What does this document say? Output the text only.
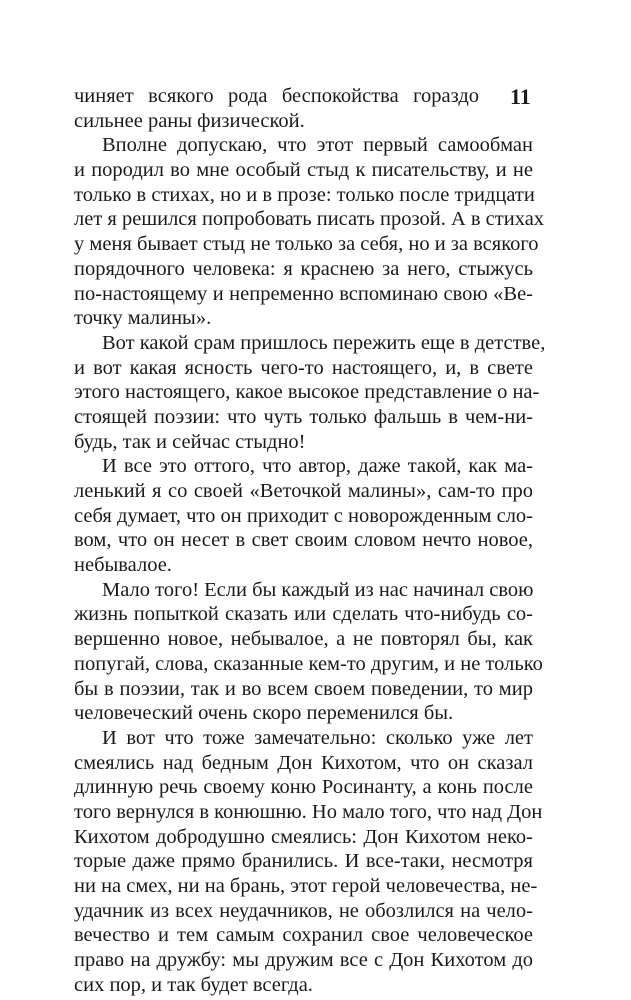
11
чиняет всякого рода беспокойства гораздо
сильнее раны физической.
Вполне допускаю, что этот первый самообман
и породил во мне особый стыд к писательству, и не
только в стихах, но и в прозе: только после тридцати
лет я решился попробовать писать прозой. А в стихах
у меня бывает стыд не только за себя, но и за всякого
порядочного человека: я краснею за него, стыжусь
по-настоящему и непременно вспоминаю свою «Ве-
точку малины».
Вот какой срам пришлось пережить еще в детстве,
и вот какая ясность чего-то настоящего, и, в свете
этого настоящего, какое высокое представление о на-
стоящей поэзии: что чуть только фальшь в чем-ни-
будь, так и сейчас стыдно!
И все это оттого, что автор, даже такой, как ма-
ленький я со своей «Веточкой малины», сам-то про
себя думает, что он приходит с новорожденным сло-
вом, что он несет в свет своим словом нечто новое,
небывалое.
Мало того! Если бы каждый из нас начинал свою
жизнь попыткой сказать или сделать что-нибудь со-
вершенно новое, небывалое, а не повторял бы, как
попугай, слова, сказанные кем-то другим, и не только
бы в поэзии, так и во всем своем поведении, то мир
человеческий очень скоро переменился бы.
И вот что тоже замечательно: сколько уже лет
смеялись над бедным Дон Кихотом, что он сказал
длинную речь своему коню Росинанту, а конь после
того вернулся в конюшню. Но мало того, что над Дон
Кихотом добродушно смеялись: Дон Кихотом неко-
торые даже прямо бранились. И все-таки, несмотря
ни на смех, ни на брань, этот герой человечества, не-
удачник из всех неудачников, не обозлился на чело-
вечество и тем самым сохранил свое человеческое
право на дружбу: мы дружим все с Дон Кихотом до
сих пор, и так будет всегда.
